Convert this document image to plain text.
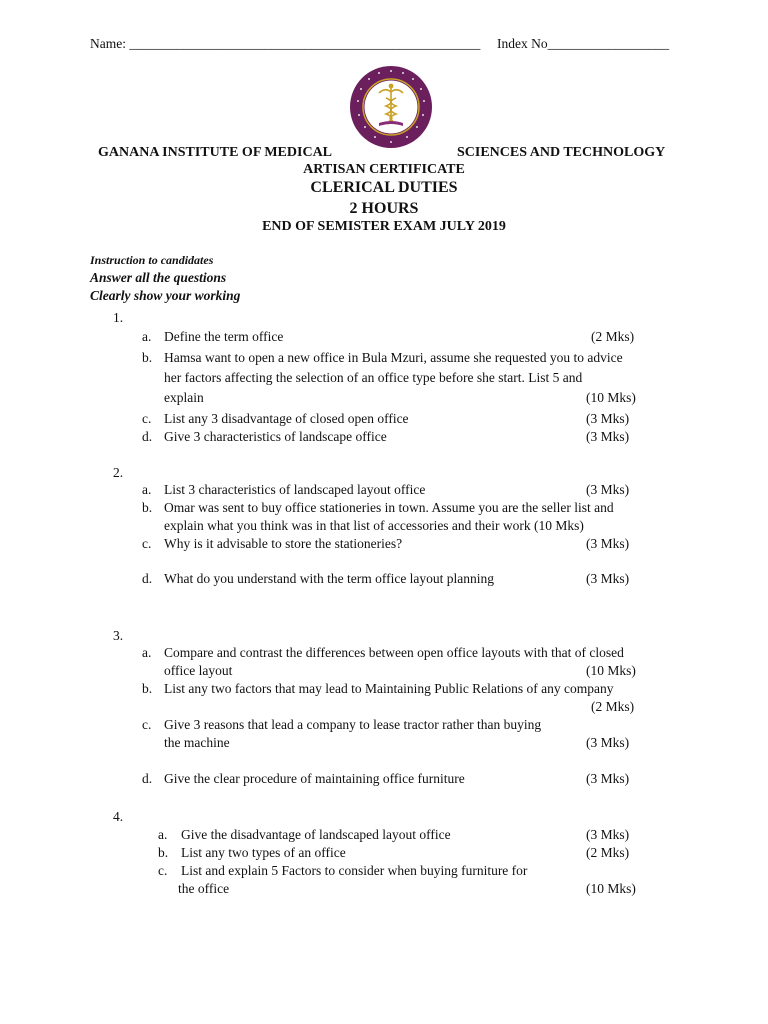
Name: ____________________________________________________ Index No__________________
GANANA INSTITUTE OF MEDICAL	SCIENCES AND TECHNOLOGY
ARTISAN CERTIFICATE
CLERICAL DUTIES
2 HOURS
END OF SEMISTER EXAM JULY 2019
Instruction to candidates
Answer all the questions
Clearly show your working
1.
a. Define the term office	(2 Mks)
b. Hamsa want to open a new office in Bula Mzuri, assume she requested you to advice
her factors affecting the selection of an office type before she start. List 5 and
explain	(10 Mks)
c. List any 3 disadvantage of closed open office	(3 Mks)
d. Give 3 characteristics of landscape office	(3 Mks)
2.
a. List 3 characteristics of landscaped layout office	(3 Mks)
b. Omar was sent to buy office stationeries in town. Assume you are the seller list and
explain what you think was in that list of accessories and their work (10 Mks)
c. Why is it advisable to store the stationeries?	(3 Mks)
d. What do you understand with the term office layout planning	(3 Mks)
3.
a. Compare and contrast the differences between open office layouts with that of closed
office layout	(10 Mks)
b. List any two factors that may lead to Maintaining Public Relations of any company
(2 Mks)
c. Give 3 reasons that lead a company to lease tractor rather than buying
the machine	(3 Mks)
d. Give the clear procedure of maintaining office furniture	(3 Mks)
4.
a. Give the disadvantage of landscaped layout office	(3 Mks)
b. List any two types of an office	(2 Mks)
c. List and explain 5 Factors to consider when buying furniture for
the office	(10 Mks)
